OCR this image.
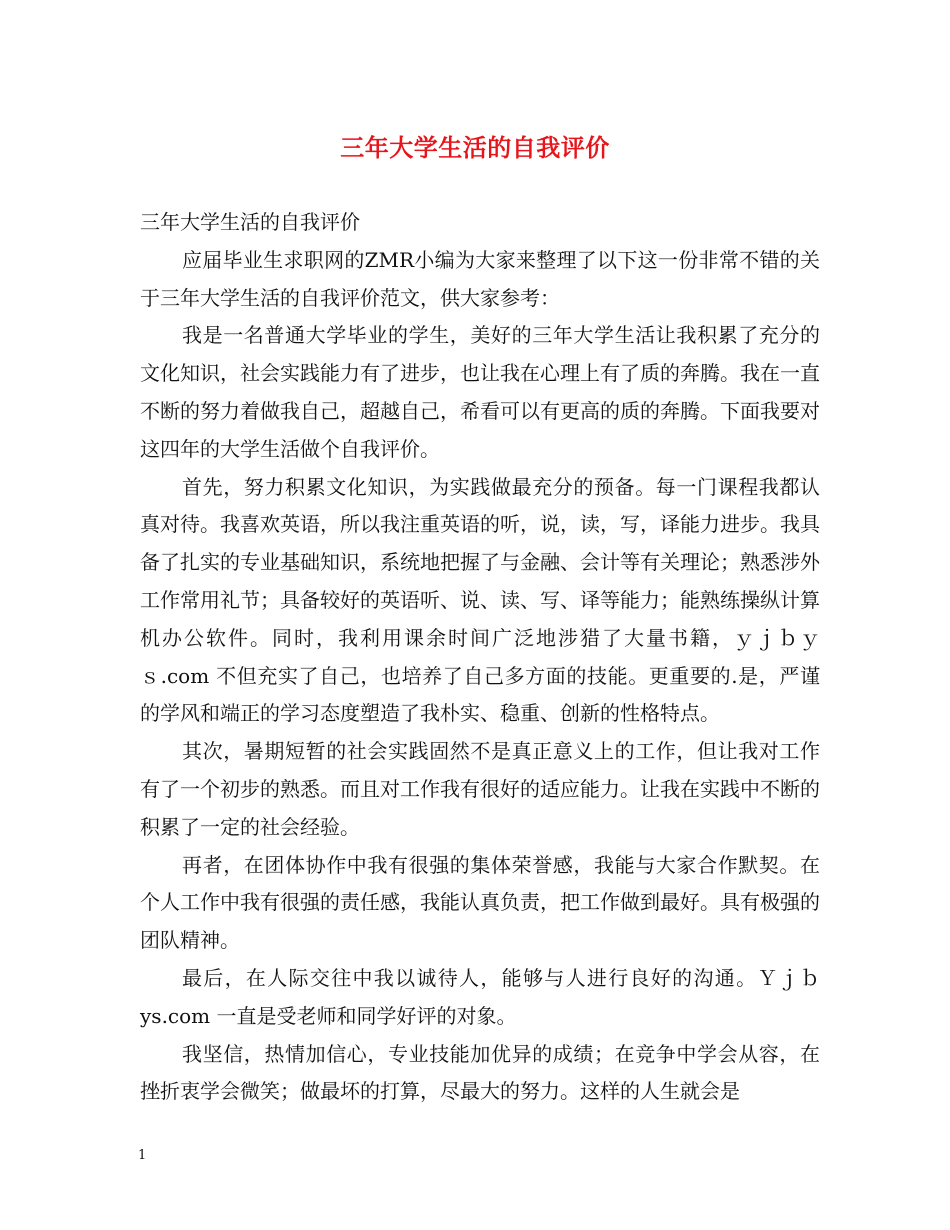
三年大学生活的自我评价

三年大学生活的自我评价

应届毕业生求职网的ZMR小编为大家来整理了以下这一份非常不错的关于三年大学生活的自我评价范文，供大家参考：

我是一名普通大学毕业的学生，美好的三年大学生活让我积累了充分的文化知识，社会实践能力有了进步，也让我在心理上有了质的奔腾。我在一直不断的努力着做我自己，超越自己，希看可以有更高的质的奔腾。下面我要对这四年的大学生活做个自我评价。

首先，努力积累文化知识，为实践做最充分的预备。每一门课程我都认真对待。我喜欢英语，所以我注重英语的听，说，读，写，译能力进步。我具备了扎实的专业基础知识，系统地把握了与金融、会计等有关理论；熟悉涉外工作常用礼节；具备较好的英语听、说、读、写、译等能力；能熟练操纵计算机办公软件。同时，我利用课余时间广泛地涉猎了大量书籍，ｙｊｂｙｓ.com 不但充实了自己，也培养了自己多方面的技能。更重要的.是，严谨的学风和端正的学习态度塑造了我朴实、稳重、创新的性格特点。

其次，暑期短暂的社会实践固然不是真正意义上的工作，但让我对工作有了一个初步的熟悉。而且对工作我有很好的适应能力。让我在实践中不断的积累了一定的社会经验。

再者，在团体协作中我有很强的集体荣誉感，我能与大家合作默契。在个人工作中我有很强的责任感，我能认真负责，把工作做到最好。具有极强的团队精神。

最后，在人际交往中我以诚待人，能够与人进行良好的沟通。Ｙｊｂ ys.com 一直是受老师和同学好评的对象。

我坚信，热情加信心，专业技能加优异的成绩；在竞争中学会从容，在挫折衷学会微笑；做最坏的打算，尽最大的努力。这样的人生就会是

1
